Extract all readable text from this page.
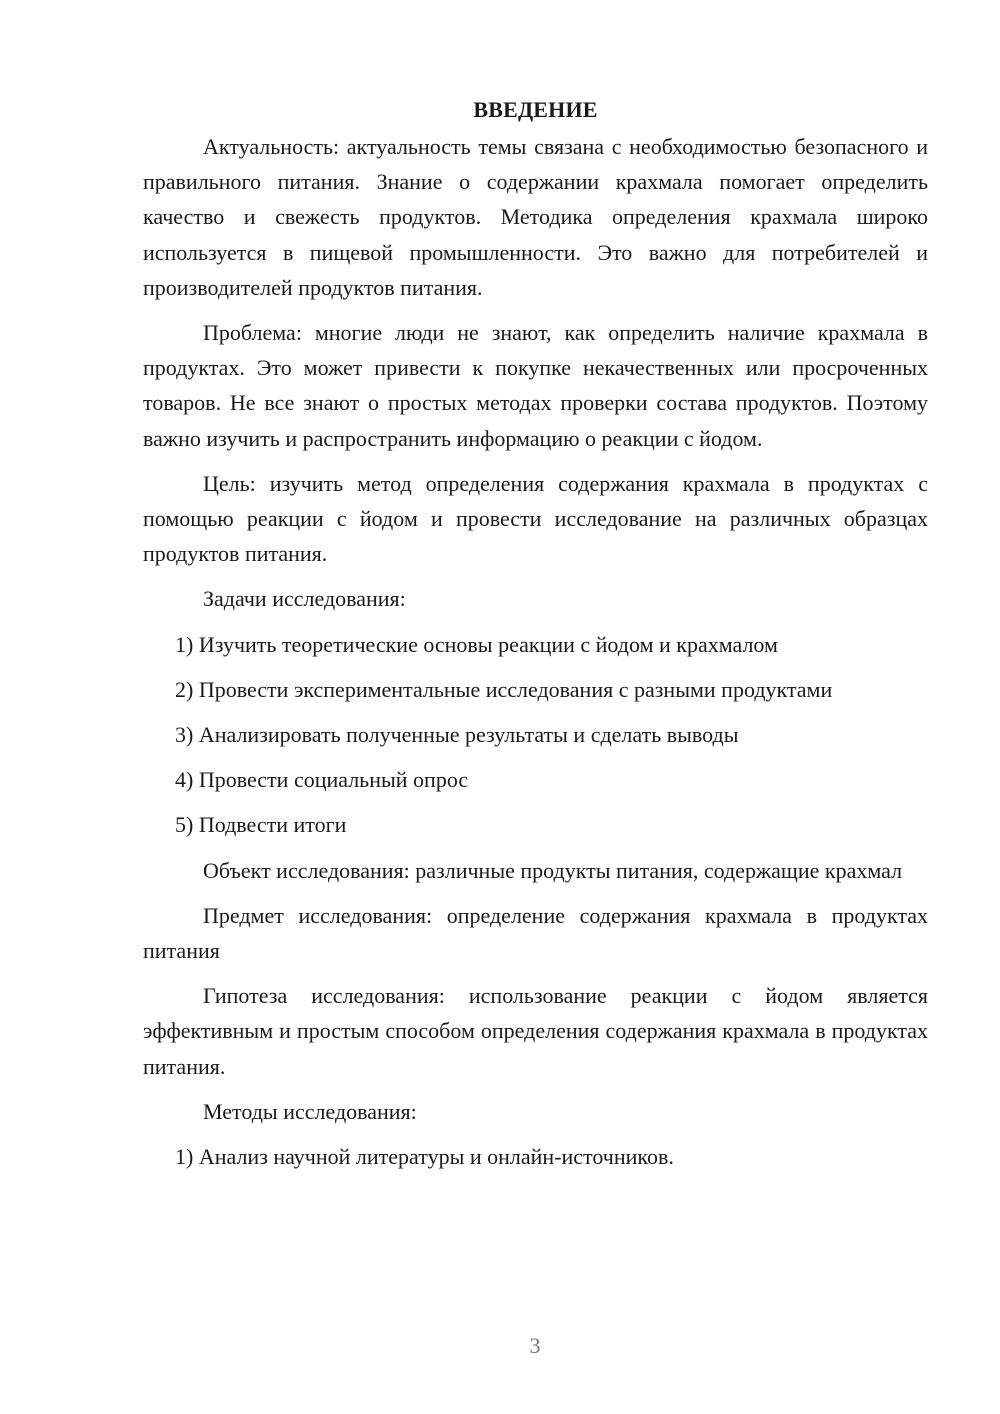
ВВЕДЕНИЕ

Актуальность: актуальность темы связана с необходимостью безопасного и правильного питания. Знание о содержании крахмала помогает определить качество и свежесть продуктов. Методика определения крахмала широко используется в пищевой промышленности. Это важно для потребителей и производителей продуктов питания.

Проблема: многие люди не знают, как определить наличие крахмала в продуктах. Это может привести к покупке некачественных или просроченных товаров. Не все знают о простых методах проверки состава продуктов. Поэтому важно изучить и распространить информацию о реакции с йодом.

Цель: изучить метод определения содержания крахмала в продуктах с помощью реакции с йодом и провести исследование на различных образцах продуктов питания.

Задачи исследования:

1) Изучить теоретические основы реакции с йодом и крахмалом
2) Провести экспериментальные исследования с разными продуктами
3) Анализировать полученные результаты и сделать выводы
4) Провести социальный опрос
5) Подвести итоги

Объект исследования: различные продукты питания, содержащие крахмал

Предмет исследования: определение содержания крахмала в продуктах питания

Гипотеза исследования: использование реакции с йодом является эффективным и простым способом определения содержания крахмала в продуктах питания.

Методы исследования:

1) Анализ научной литературы и онлайн-источников.
3
